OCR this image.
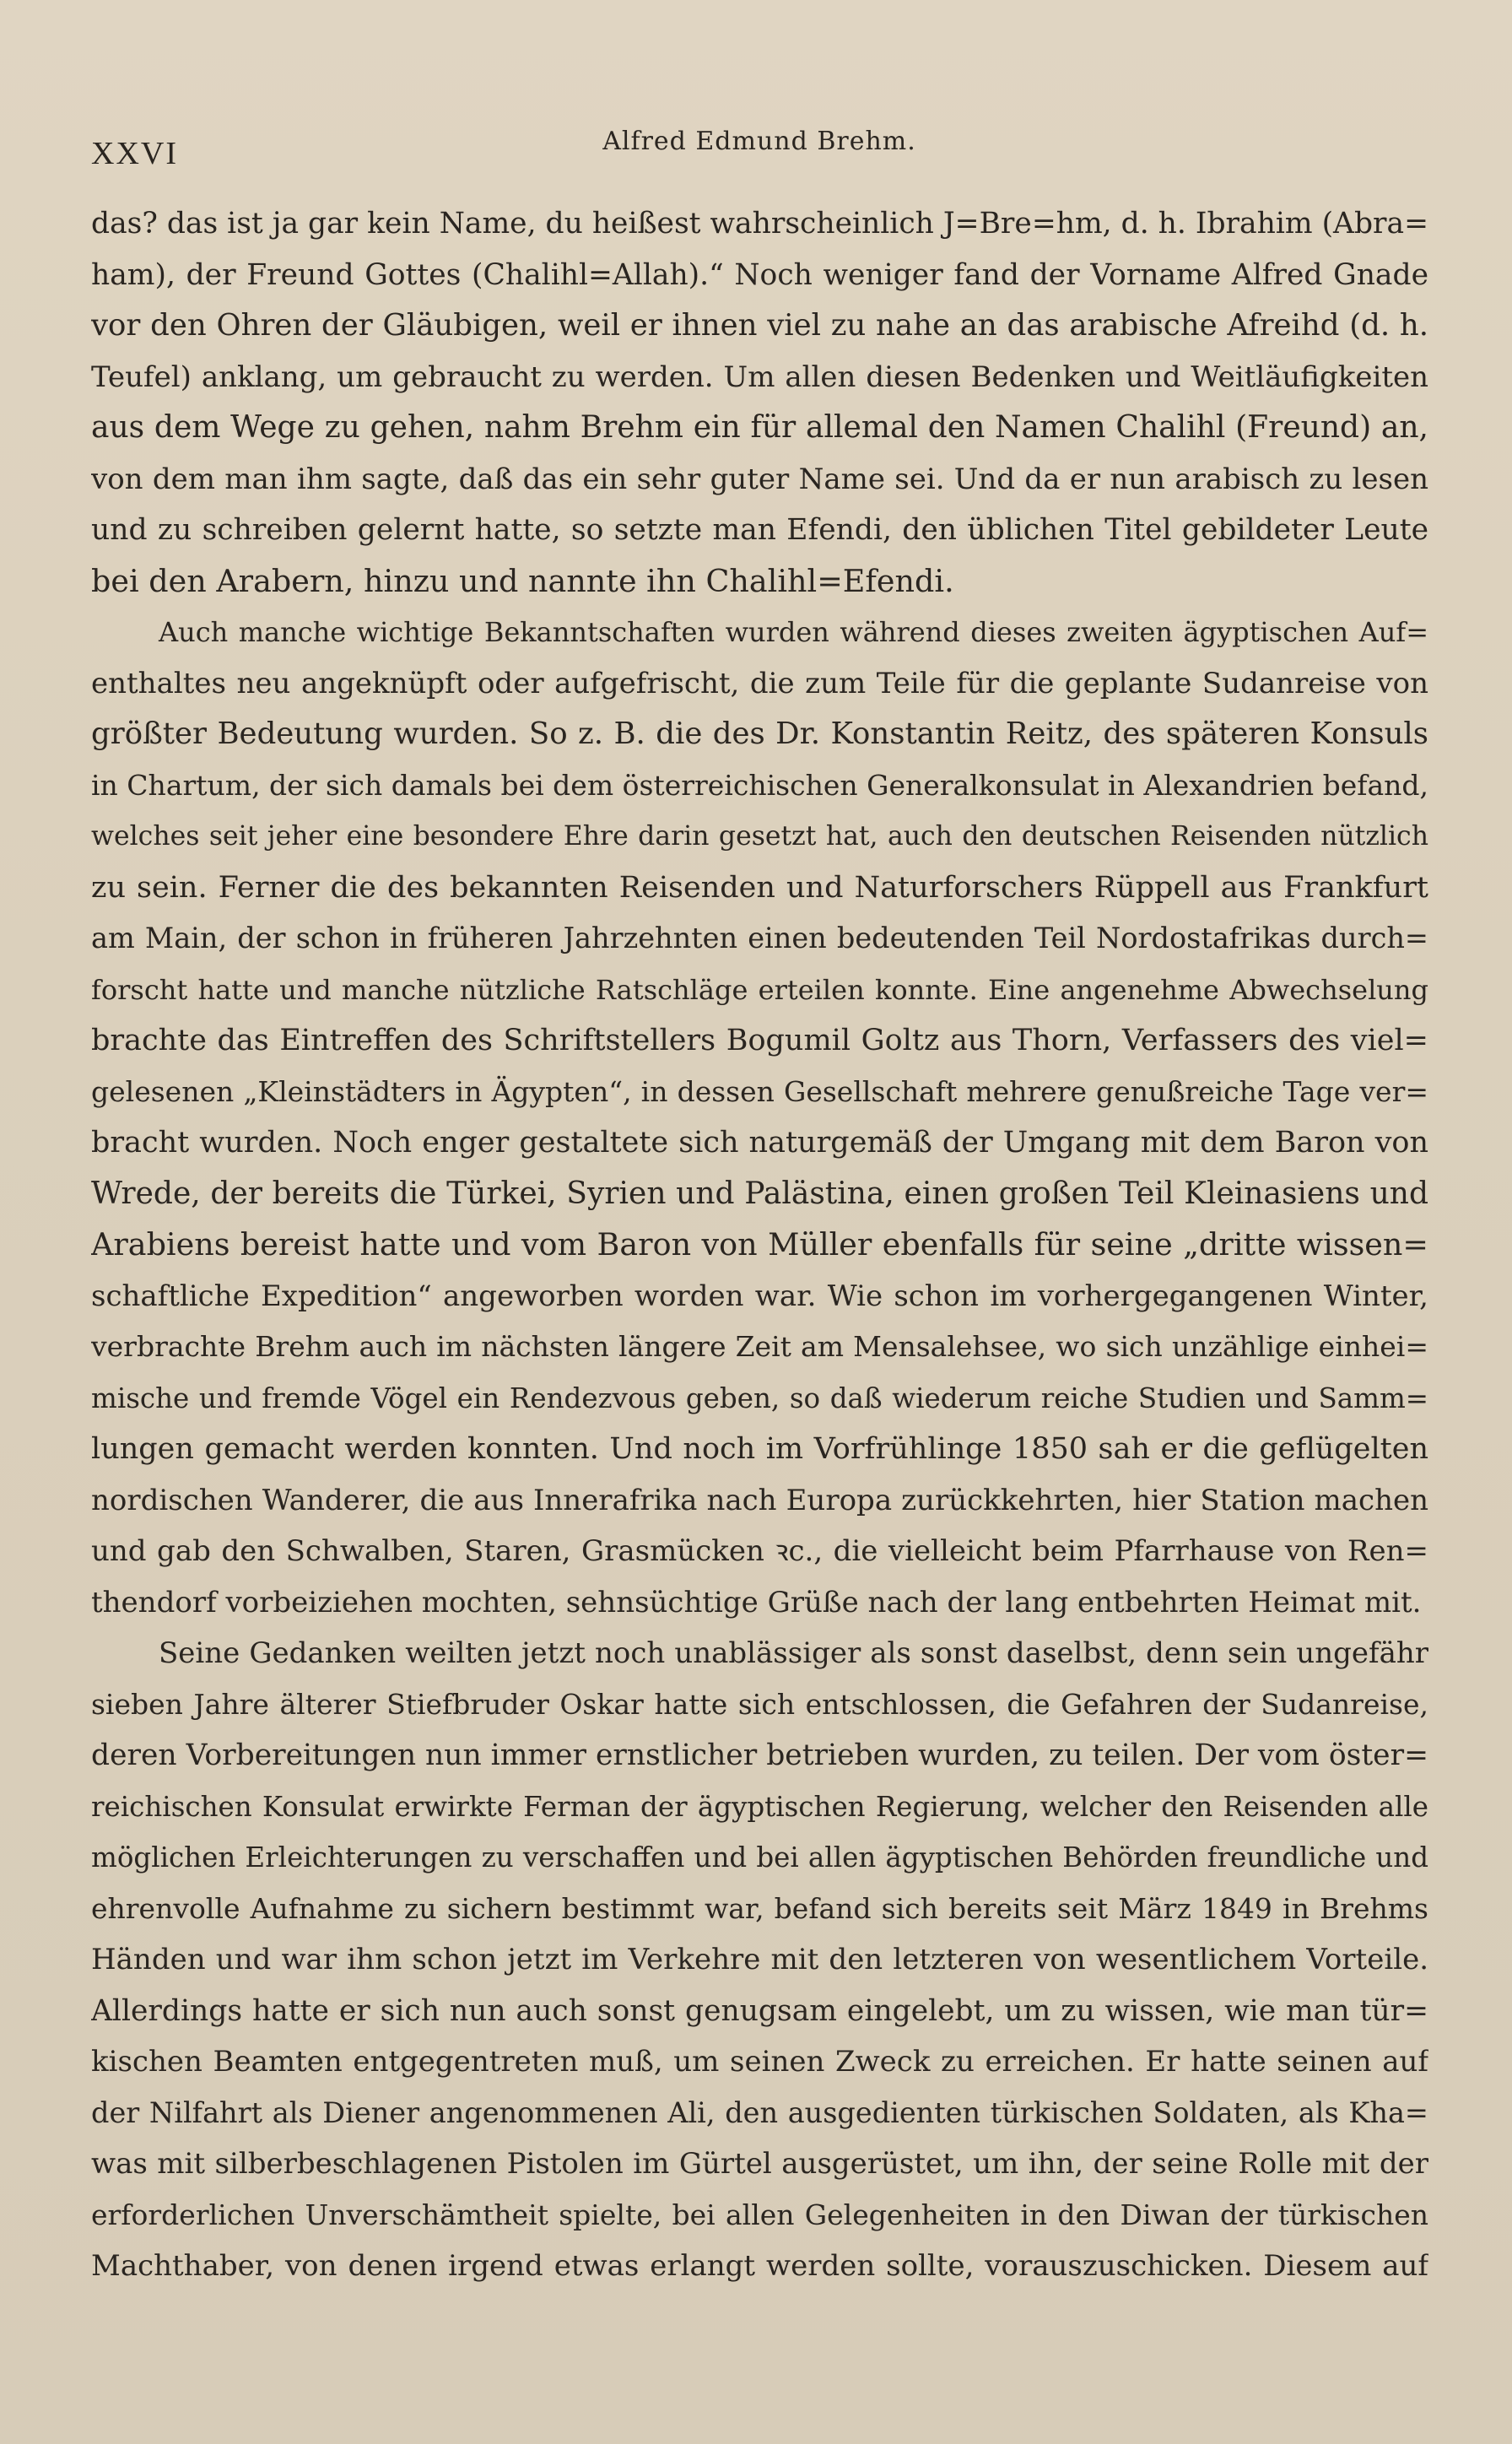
XXVI	Alfred Edmund Brehm.
das? das ist ja gar kein Name, du heißest wahrscheinlich J=Bre=hm, d. h. Ibrahim (Abra=
ham), der Freund Gottes (Chalihl=Allah).“ Noch weniger fand der Vorname Alfred Gnade
vor den Ohren der Gläubigen, weil er ihnen viel zu nahe an das arabische Afreihd (d. h.
Teufel) anklang, um gebraucht zu werden. Um allen diesen Bedenken und Weitläufigkeiten
aus dem Wege zu gehen, nahm Brehm ein für allemal den Namen Chalihl (Freund) an,
von dem man ihm sagte, daß das ein sehr guter Name sei. Und da er nun arabisch zu lesen
und zu schreiben gelernt hatte, so setzte man Efendi, den üblichen Titel gebildeter Leute
bei den Arabern, hinzu und nannte ihn Chalihl=Efendi.
Auch manche wichtige Bekanntschaften wurden während dieses zweiten ägyptischen Auf=
enthaltes neu angeknüpft oder aufgefrischt, die zum Teile für die geplante Sudanreise von
größter Bedeutung wurden. So z. B. die des Dr. Konstantin Reitz, des späteren Konsuls
in Chartum, der sich damals bei dem österreichischen Generalkonsulat in Alexandrien befand,
welches seit jeher eine besondere Ehre darin gesetzt hat, auch den deutschen Reisenden nützlich
zu sein. Ferner die des bekannten Reisenden und Naturforschers Rüppell aus Frankfurt
am Main, der schon in früheren Jahrzehnten einen bedeutenden Teil Nordostafrikas durch=
forscht hatte und manche nützliche Ratschläge erteilen konnte. Eine angenehme Abwechselung
brachte das Eintreffen des Schriftstellers Bogumil Goltz aus Thorn, Verfassers des viel=
gelesenen „Kleinstädters in Ägypten“, in dessen Gesellschaft mehrere genußreiche Tage ver=
bracht wurden. Noch enger gestaltete sich naturgemäß der Umgang mit dem Baron von
Wrede, der bereits die Türkei, Syrien und Palästina, einen großen Teil Kleinasiens und
Arabiens bereist hatte und vom Baron von Müller ebenfalls für seine „dritte wissen=
schaftliche Expedition“ angeworben worden war. Wie schon im vorhergegangenen Winter,
verbrachte Brehm auch im nächsten längere Zeit am Mensalehsee, wo sich unzählige einhei=
mische und fremde Vögel ein Rendezvous geben, so daß wiederum reiche Studien und Samm=
lungen gemacht werden konnten. Und noch im Vorfrühlinge 1850 sah er die geflügelten
nordischen Wanderer, die aus Innerafrika nach Europa zurückkehrten, hier Station machen
und gab den Schwalben, Staren, Grasmücken ꝛc., die vielleicht beim Pfarrhause von Ren=
thendorf vorbeiziehen mochten, sehnsüchtige Grüße nach der lang entbehrten Heimat mit.
Seine Gedanken weilten jetzt noch unablässiger als sonst daselbst, denn sein ungefähr
sieben Jahre älterer Stiefbruder Oskar hatte sich entschlossen, die Gefahren der Sudanreise,
deren Vorbereitungen nun immer ernstlicher betrieben wurden, zu teilen. Der vom öster=
reichischen Konsulat erwirkte Ferman der ägyptischen Regierung, welcher den Reisenden alle
möglichen Erleichterungen zu verschaffen und bei allen ägyptischen Behörden freundliche und
ehrenvolle Aufnahme zu sichern bestimmt war, befand sich bereits seit März 1849 in Brehms
Händen und war ihm schon jetzt im Verkehre mit den letzteren von wesentlichem Vorteile.
Allerdings hatte er sich nun auch sonst genugsam eingelebt, um zu wissen, wie man tür=
kischen Beamten entgegentreten muß, um seinen Zweck zu erreichen. Er hatte seinen auf
der Nilfahrt als Diener angenommenen Ali, den ausgedienten türkischen Soldaten, als Kha=
was mit silberbeschlagenen Pistolen im Gürtel ausgerüstet, um ihn, der seine Rolle mit der
erforderlichen Unverschämtheit spielte, bei allen Gelegenheiten in den Diwan der türkischen
Machthaber, von denen irgend etwas erlangt werden sollte, vorauszuschicken. Diesem auf
